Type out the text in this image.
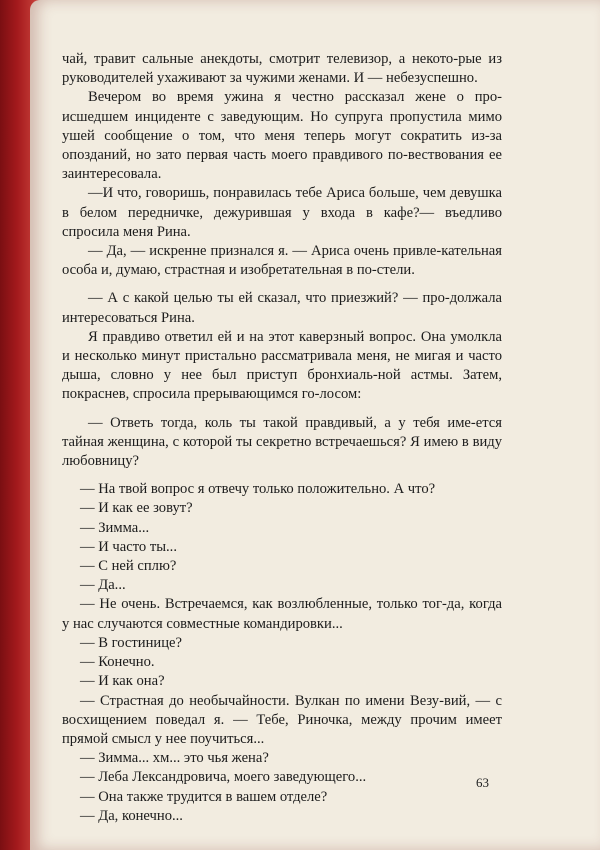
чай, травит сальные анекдоты, смотрит телевизор, а некото-рые из руководителей ухаживают за чужими женами. И — небезуспешно.

Вечером во время ужина я честно рассказал жене о про-исшедшем инциденте с заведующим. Но супруга пропустила мимо ушей сообщение о том, что меня теперь могут сократить из-за опозданий, но зато первая часть моего правдивого по-вествования ее заинтересовала.

—И что, говоришь, понравилась тебе Ариса больше, чем девушка в белом передничке, дежурившая у входа в кафе?— въедливо спросила меня Рина.

— Да, — искренне признался я. — Ариса очень привле-кательная особа и, думаю, страстная и изобретательная в по-стели.

— А с какой целью ты ей сказал, что приезжий? — про-должала интересоваться Рина.

Я правдиво ответил ей и на этот каверзный вопрос. Она умолкла и несколько минут пристально рассматривала меня, не мигая и часто дыша, словно у нее был приступ бронхиаль-ной астмы. Затем, покраснев, спросила прерывающимся го-лосом:

— Ответь тогда, коль ты такой правдивый, а у тебя име-ется тайная женщина, с которой ты секретно встречаешься? Я имею в виду любовницу?

— На твой вопрос я отвечу только положительно. А что?

— И как ее зовут?

— Зимма...

— И часто ты...

— С ней сплю?

— Да...

— Не очень. Встречаемся, как возлюбленные, только тог-да, когда у нас случаются совместные командировки...

— В гостинице?

— Конечно.

— И как она?

— Страстная до необычайности. Вулкан по имени Везу-вий, — с восхищением поведал я. — Тебе, Риночка, между прочим имеет прямой смысл у нее поучиться...

— Зимма... хм... это чья жена?

— Леба Лександровича, моего заведующего...

— Она также трудится в вашем отделе?

— Да, конечно...

63
